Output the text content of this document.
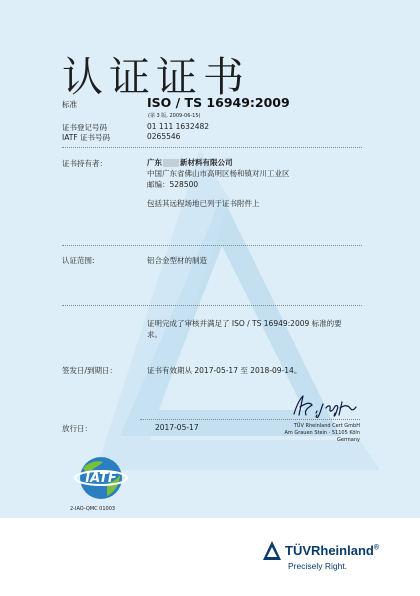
认证证书
标准	ISO / TS 16949:2009
(第 3 版, 2009-06-15)
证书登记号码	01 111 1632482
IATF 证书号码	0265546
证书持有者：	广东 新材料有限公司
中国广东省佛山市高明区杨和镇对川工业区
邮编：528500
包括其远程场地已列于证书附件上
认证范围:	铝合金型材的制造
证明完成了审核并满足了 ISO / TS 16949:2009 标准的要
求。
签发日/到期日：	证书有效期从 2017-05-17 至 2018-09-14。
放行日：	2017-05-17	TÜV Rheinland Cert GmbH
Am Grauen Stein · 51105 Köln
Germany
IATF
2-IAO-QMC 01003
TÜVRheinland®
Precisely Right.
